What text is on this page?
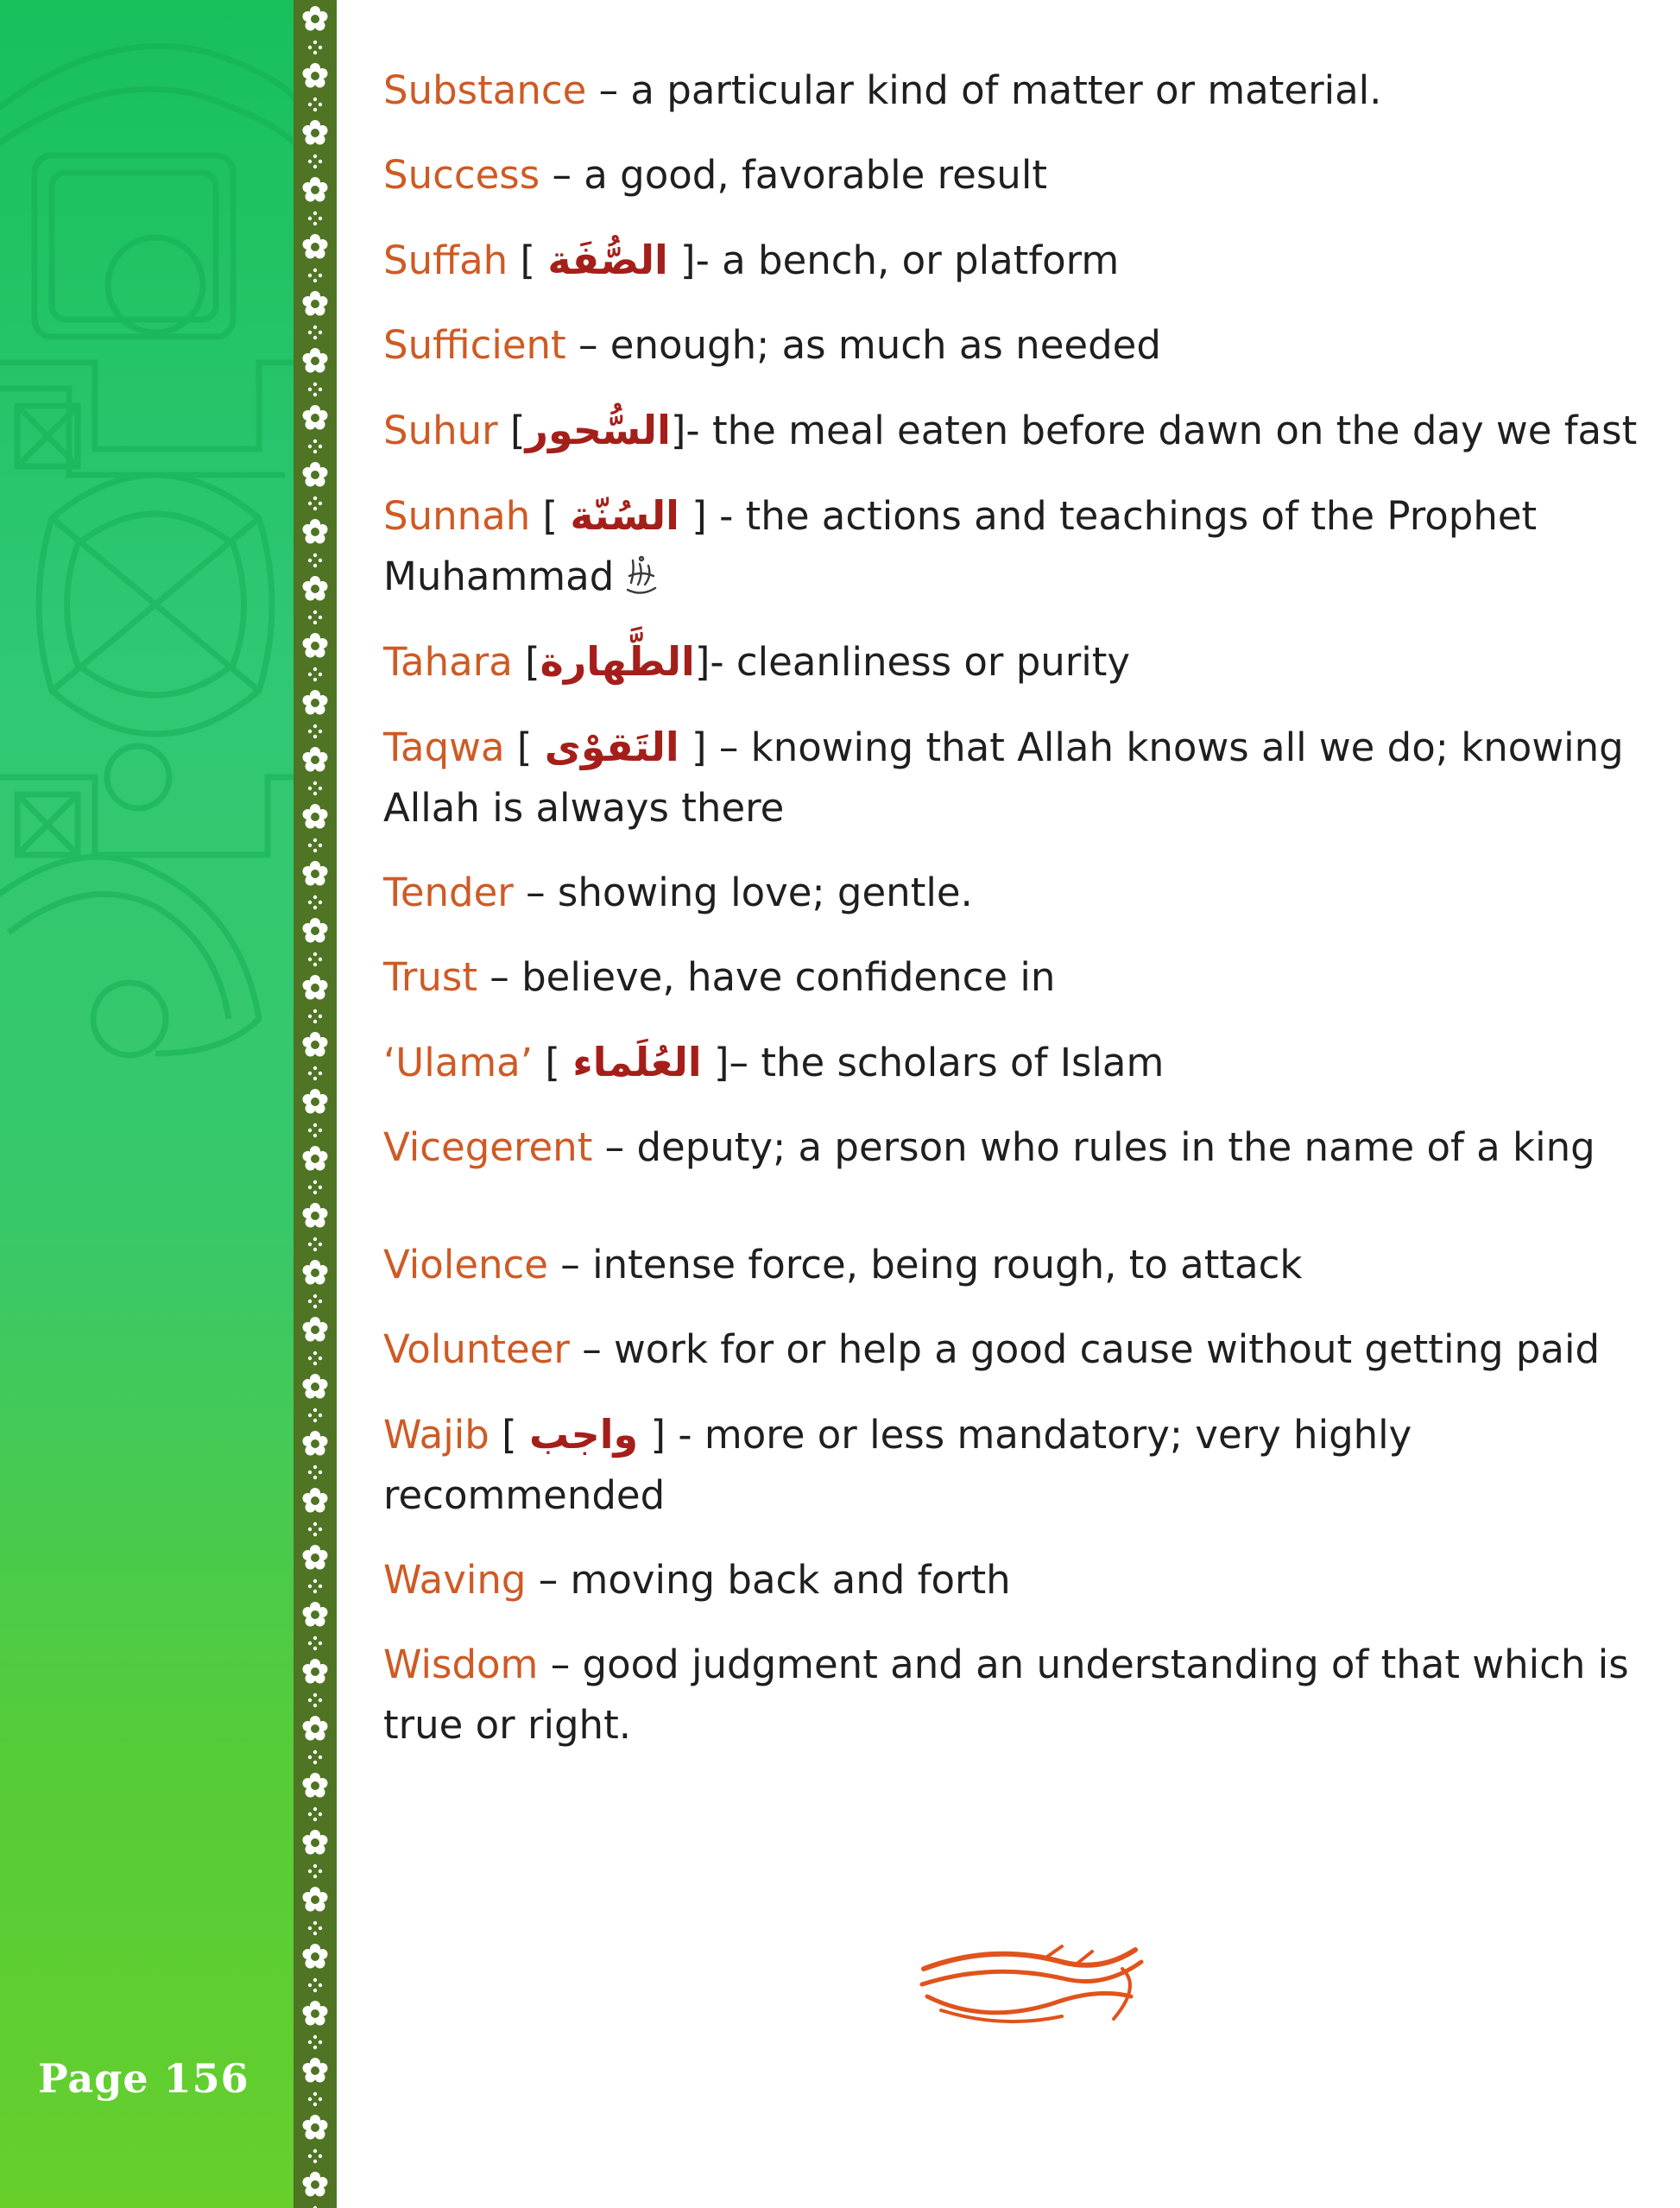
Page 156
Substance – a particular kind of matter or material.
Success – a good, favorable result
Suffah [ الصُّفَة ]- a bench, or platform
Sufficient – enough; as much as needed
Suhur [السُّحور]- the meal eaten before dawn on the day we fast
Sunnah [ السُنّة ] - the actions and teachings of the Prophet Muhammad
Tahara [الطَّهارة]- cleanliness or purity
Taqwa [ التَقوْى ] – knowing that Allah knows all we do; knowing Allah is always there
Tender – showing love; gentle.
Trust – believe, have confidence in
‘Ulama’ [ العُلَماء ]– the scholars of Islam
Vicegerent – deputy; a person who rules in the name of a king
Violence – intense force, being rough, to attack
Volunteer – work for or help a good cause without getting paid
Wajib [ واجب ] - more or less mandatory; very highly recommended
Waving – moving back and forth
Wisdom – good judgment and an understanding of that which is true or right.
